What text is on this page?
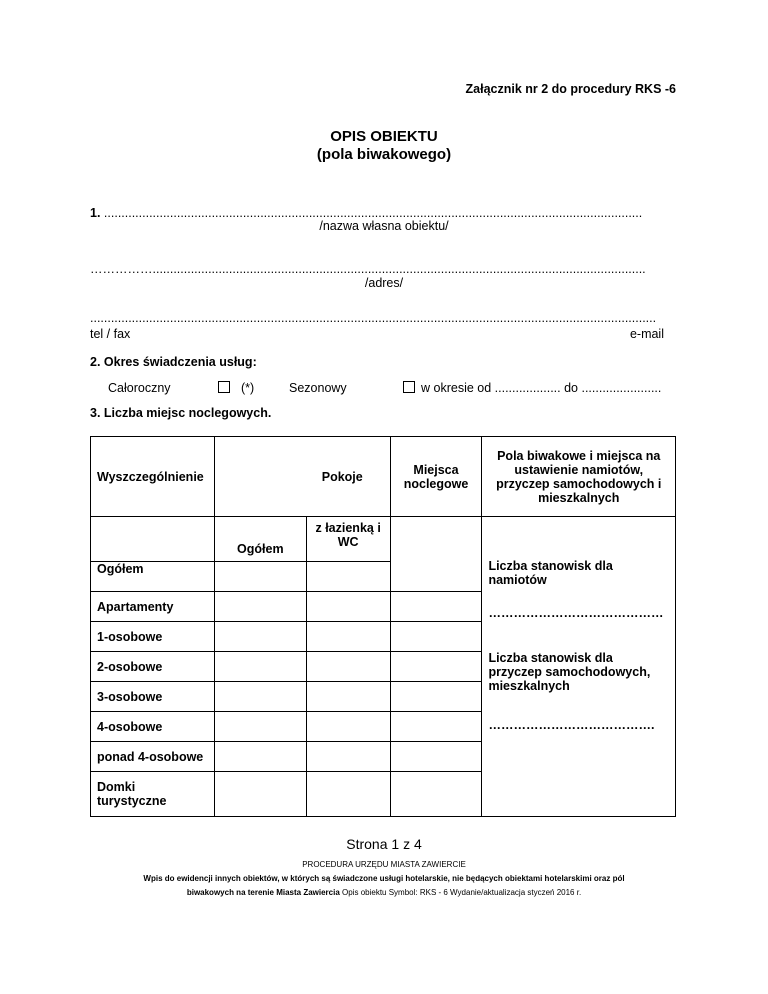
Załącznik nr 2 do procedury RKS -6
OPIS OBIEKTU
(pola biwakowego)
1. ...........................................................................................................................................................
/nazwa własna obiektu/
……………..............................................................................................................................................
/adres/
...................................................................................................................................................................
tel / fax	e-mail
2. Okres świadczenia usług:
Całoroczny	(*)	Sezonowy	w okresie od ................... do .......................
3. Liczba miejsc noclegowych.
Wyszczególnienie	Pokoje		Miejsca noclegowe	Pola biwakowe i miejsca na ustawienie namiotów, przyczep samochodowych i mieszkalnych
	Ogółem	z łazienką i WC		Liczba stanowisk dla namiotów
……………………………………
Liczba stanowisk dla przyczep samochodowych, mieszkalnych
………………………………….

Ogółem				
Apartamenty				
1-osobowe				
2-osobowe				
3-osobowe				
4-osobowe				
ponad 4-osobowe				
Domki turystyczne				
Strona 1 z 4
PROCEDURA URZĘDU MIASTA ZAWIERCIE
Wpis do ewidencji innych obiektów, w których są świadczone usługi hotelarskie, nie będących obiektami hotelarskimi oraz pól
biwakowych na terenie Miasta Zawiercia Opis obiektu Symbol: RKS - 6 Wydanie/aktualizacja styczeń 2016 r.
